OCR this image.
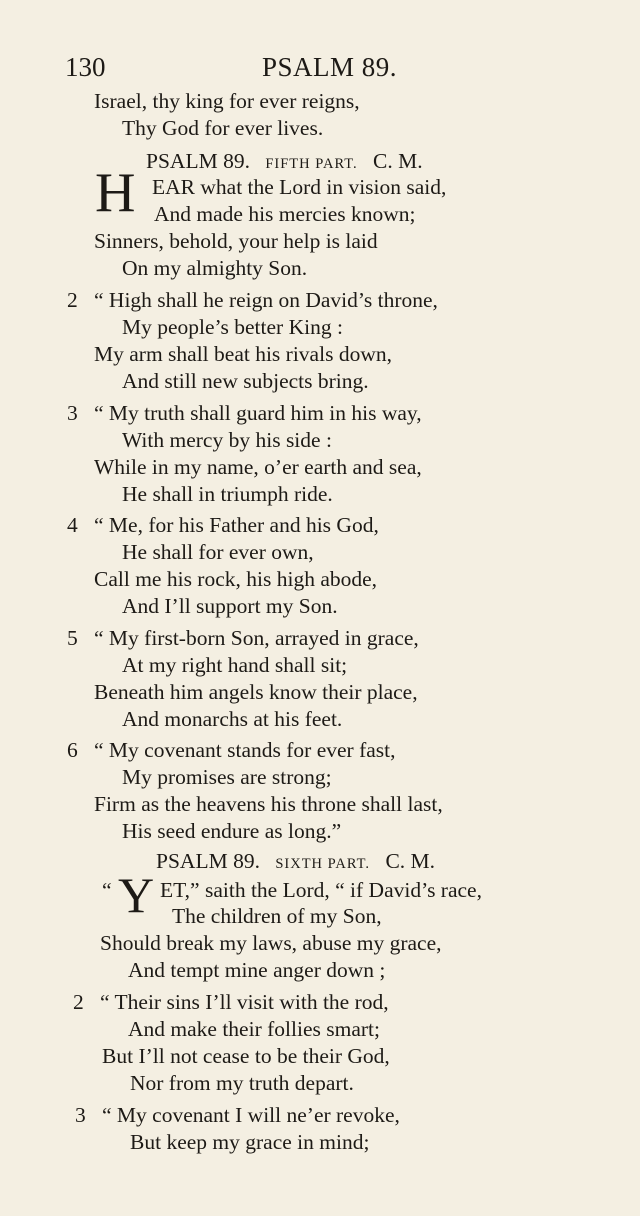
130	PSALM 89.
Israel, thy king for ever reigns,
Thy God for ever lives.
PSALM 89. FIFTH PART. C. M.
H EAR what the Lord in vision said,
And made his mercies known;
Sinners, behold, your help is laid
On my almighty Son.
2 “ High shall he reign on David’s throne,
My people’s better King :
My arm shall beat his rivals down,
And still new subjects bring.
3 “ My truth shall guard him in his way,
With mercy by his side :
While in my name, o’er earth and sea,
He shall in triumph ride.
4 “ Me, for his Father and his God,
He shall for ever own,
Call me his rock, his high abode,
And I’ll support my Son.
5 “ My first-born Son, arrayed in grace,
At my right hand shall sit;
Beneath him angels know their place,
And monarchs at his feet.
6 “ My covenant stands for ever fast,
My promises are strong;
Firm as the heavens his throne shall last,
His seed endure as long.”
PSALM 89. SIXTH PART. C. M.
“ Y ET,” saith the Lord, “ if David’s race,
The children of my Son,
Should break my laws, abuse my grace,
And tempt mine anger down ;
2 “ Their sins I’ll visit with the rod,
And make their follies smart;
But I’ll not cease to be their God,
Nor from my truth depart.
3 “ My covenant I will ne’er revoke,
But keep my grace in mind;
